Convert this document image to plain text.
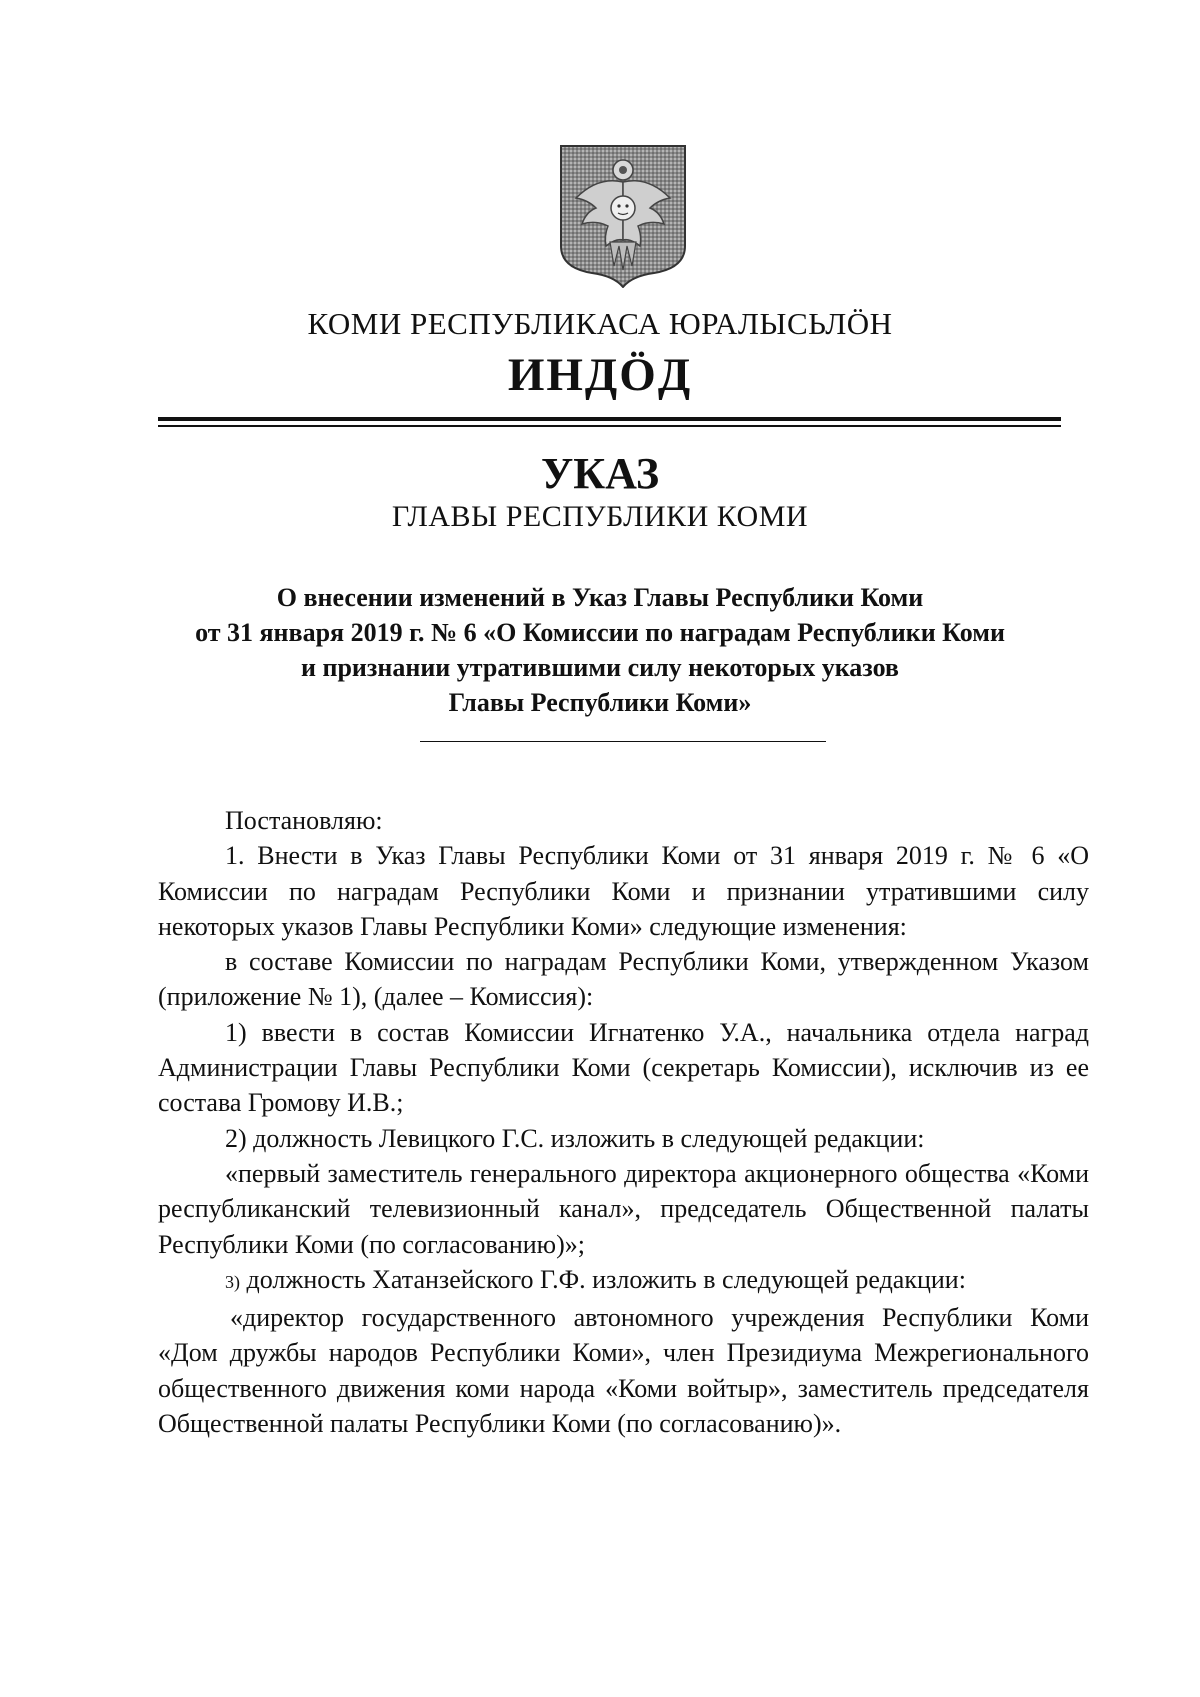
КОМИ РЕСПУБЛИКАСА ЮРАЛЫСЬЛӦН
ИНДӦД
УКАЗ
ГЛАВЫ РЕСПУБЛИКИ КОМИ
О внесении изменений в Указ Главы Республики Коми
от 31 января 2019 г. № 6 «О Комиссии по наградам Республики Коми
и признании утратившими силу некоторых указов
Главы Республики Коми»

Постановляю:

1. Внести в Указ Главы Республики Коми от 31 января 2019 г. № 6 «О Комиссии по наградам Республики Коми и признании утратившими силу некоторых указов Главы Республики Коми» следующие изменения:

в составе Комиссии по наградам Республики Коми, утвержденном Указом (приложение № 1), (далее – Комиссия):

1) ввести в состав Комиссии Игнатенко У.А., начальника отдела наград Администрации Главы Республики Коми (секретарь Комиссии), исключив из ее состава Громову И.В.;

2) должность Левицкого Г.С. изложить в следующей редакции:

«первый заместитель генерального директора акционерного общества «Коми республиканский телевизионный канал», председатель Общественной палаты Республики Коми (по согласованию)»;

3) должность Хатанзейского Г.Ф. изложить в следующей редакции:

«директор государственного автономного учреждения Республики Коми «Дом дружбы народов Республики Коми», член Президиума Межрегионального общественного движения коми народа «Коми войтыр», заместитель председателя Общественной палаты Республики Коми (по согласованию)».
